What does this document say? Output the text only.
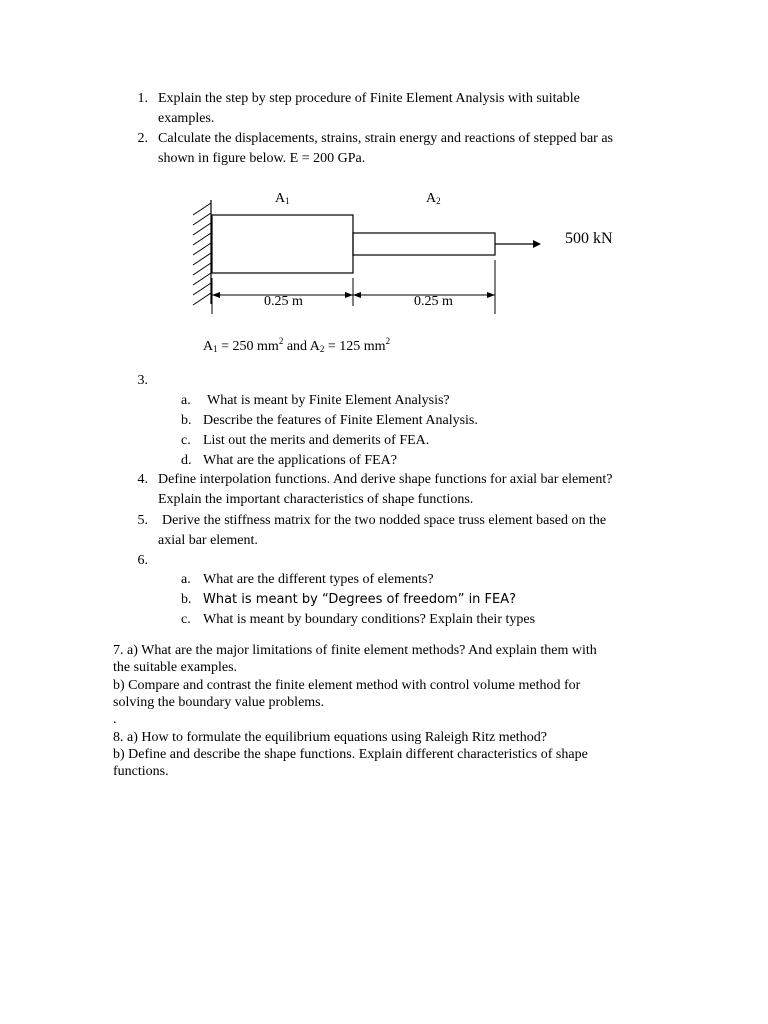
1. Explain the step by step procedure of Finite Element Analysis with suitable
examples.
2. Calculate the displacements, strains, strain energy and reactions of stepped bar as
shown in figure below. E = 200 GPa.
$A_1$	$A_2$
500 kN
0.25 m	0.25 m
$A_1 = 250$ $mm^2$ and $A_2 = 125$ $mm^2$
3.
a. What is meant by Finite Element Analysis?
b. Describe the features of Finite Element Analysis.
c. List out the merits and demerits of FEA.
d. What are the applications of FEA?
4. Define interpolation functions. And derive shape functions for axial bar element?
Explain the important characteristics of shape functions.
5. Derive the stiffness matrix for the two nodded space truss element based on the
axial bar element.
6.
a. What are the different types of elements?
b. What is meant by “Degrees of freedom” in FEA?
c. What is meant by boundary conditions? Explain their types
7. a) What are the major limitations of finite element methods? And explain them with
the suitable examples.
b) Compare and contrast the finite element method with control volume method for
solving the boundary value problems.
.
8. a) How to formulate the equilibrium equations using Raleigh Ritz method?
b) Define and describe the shape functions. Explain different characteristics of shape
functions.
